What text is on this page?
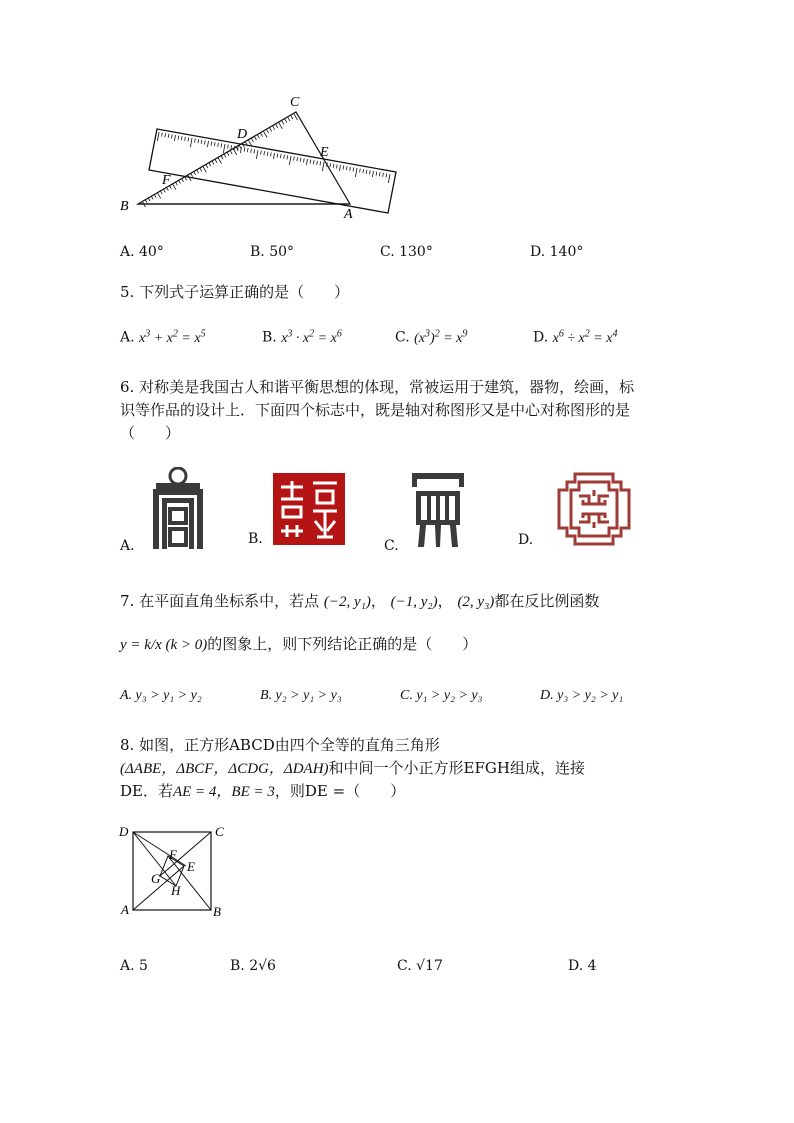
B
F
D
C
E
A
A. 40°	B. 50°	C. 130°	D. 140°
5. 下列式子运算正确的是（　　）
A. $x^3 + x^2 = x^5$	B. $x^3 \cdot x^2 = x^6$	C. $(x^3)^2 = x^9$	D. $x^6 \div x^2 = x^4$
6. 对称美是我国古人和谐平衡思想的体现，常被运用于建筑，器物，绘画，标
识等作品的设计上．下面四个标志中，既是轴对称图形又是中心对称图形的是
（　　）
A.	B.	C.	D.
7. 在平面直角坐标系中，若点 (−2, y₁)， (−1, y₂)， (2, y₃)都在反比例函数
y = k/x (k > 0)的图象上，则下列结论正确的是（　　）
A. y₃ > y₁ > y₂	B. y₂ > y₁ > y₃	C. y₁ > y₂ > y₃	D. y₃ > y₂ > y₁
8. 如图，正方形ABCD由四个全等的直角三角形
(ΔABE，ΔBCF，ΔCDG，ΔDAH)和中间一个小正方形EFGH组成，连接
DE．若AE = 4，BE = 3，则DE =（　　）
D	C
F
E
G
H
A	B
A. 5	B. 2√6	C. √17	D. 4
